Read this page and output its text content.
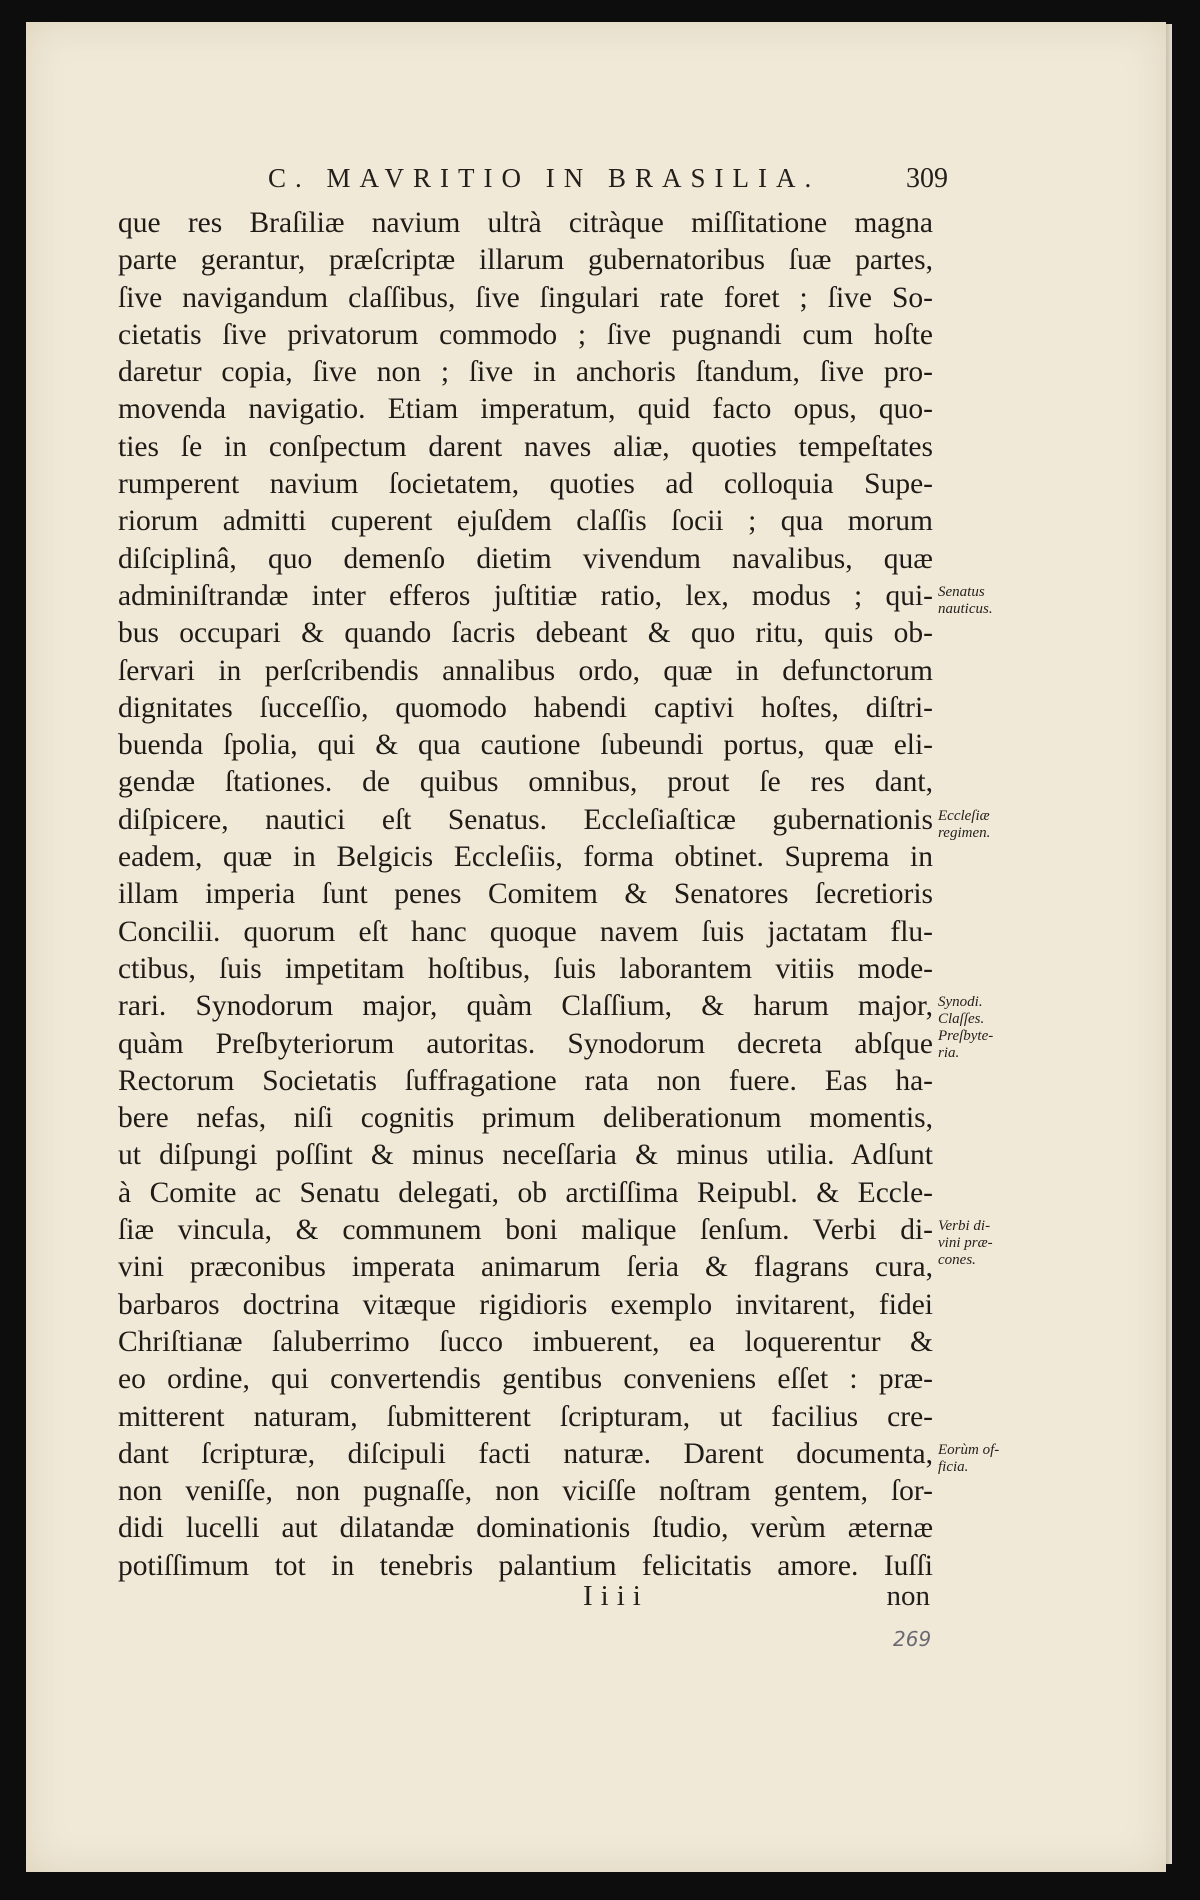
C. MAVRITIO IN BRASILIA.	309
que res Braſiliæ navium ultrà citràque miſſitatione magna
parte gerantur, præſcriptæ illarum gubernatoribus ſuæ partes,
ſive navigandum claſſibus, ſive ſingulari rate foret ; ſive So-
cietatis ſive privatorum commodo ; ſive pugnandi cum hoſte
daretur copia, ſive non ; ſive in anchoris ſtandum, ſive pro-
movenda navigatio. Etiam imperatum, quid facto opus, quo-
ties ſe in conſpectum darent naves aliæ, quoties tempeſtates
rumperent navium ſocietatem, quoties ad colloquia Supe-
riorum admitti cuperent ejuſdem claſſis ſocii ; qua morum
diſciplinâ, quo demenſo dietim vivendum navalibus, quæ
adminiſtrandæ inter efferos juſtitiæ ratio, lex, modus ; qui-
bus occupari & quando ſacris debeant & quo ritu, quis ob-
ſervari in perſcribendis annalibus ordo, quæ in defunctorum
dignitates ſucceſſio, quomodo habendi captivi hoſtes, diſtri-
buenda ſpolia, qui & qua cautione ſubeundi portus, quæ eli-
gendæ ſtationes. de quibus omnibus, prout ſe res dant,
diſpicere, nautici eſt Senatus. Eccleſiaſticæ gubernationis
eadem, quæ in Belgicis Eccleſiis, forma obtinet. Suprema in
illam imperia ſunt penes Comitem & Senatores ſecretioris
Concilii. quorum eſt hanc quoque navem ſuis jactatam flu-
ctibus, ſuis impetitam hoſtibus, ſuis laborantem vitiis mode-
rari. Synodorum major, quàm Claſſium, & harum major,
quàm Preſbyteriorum autoritas. Synodorum decreta abſque
Rectorum Societatis ſuffragatione rata non fuere. Eas ha-
bere nefas, niſi cognitis primum deliberationum momentis,
ut diſpungi poſſint & minus neceſſaria & minus utilia. Adſunt
à Comite ac Senatu delegati, ob arctiſſima Reipubl. & Eccle-
ſiæ vincula, & communem boni malique ſenſum. Verbi di-
vini præconibus imperata animarum ſeria & flagrans cura,
barbaros doctrina vitæque rigidioris exemplo invitarent, fidei
Chriſtianæ ſaluberrimo ſucco imbuerent, ea loquerentur &
eo ordine, qui convertendis gentibus conveniens eſſet : præ-
mitterent naturam, ſubmitterent ſcripturam, ut facilius cre-
dant ſcripturæ, diſcipuli facti naturæ. Darent documenta,
non veniſſe, non pugnaſſe, non viciſſe noſtram gentem, ſor-
didi lucelli aut dilatandæ dominationis ſtudio, verùm æternæ
potiſſimum tot in tenebris palantium felicitatis amore. Iuſſi
Senatus
nauticus.
Eccleſiæ
regimen.
Synodi.
Claſſes.
Preſbyte-
ria.
Verbi di-
vini præ-
cones.
Eorùm of-
ficia.
Iiii	non
269
